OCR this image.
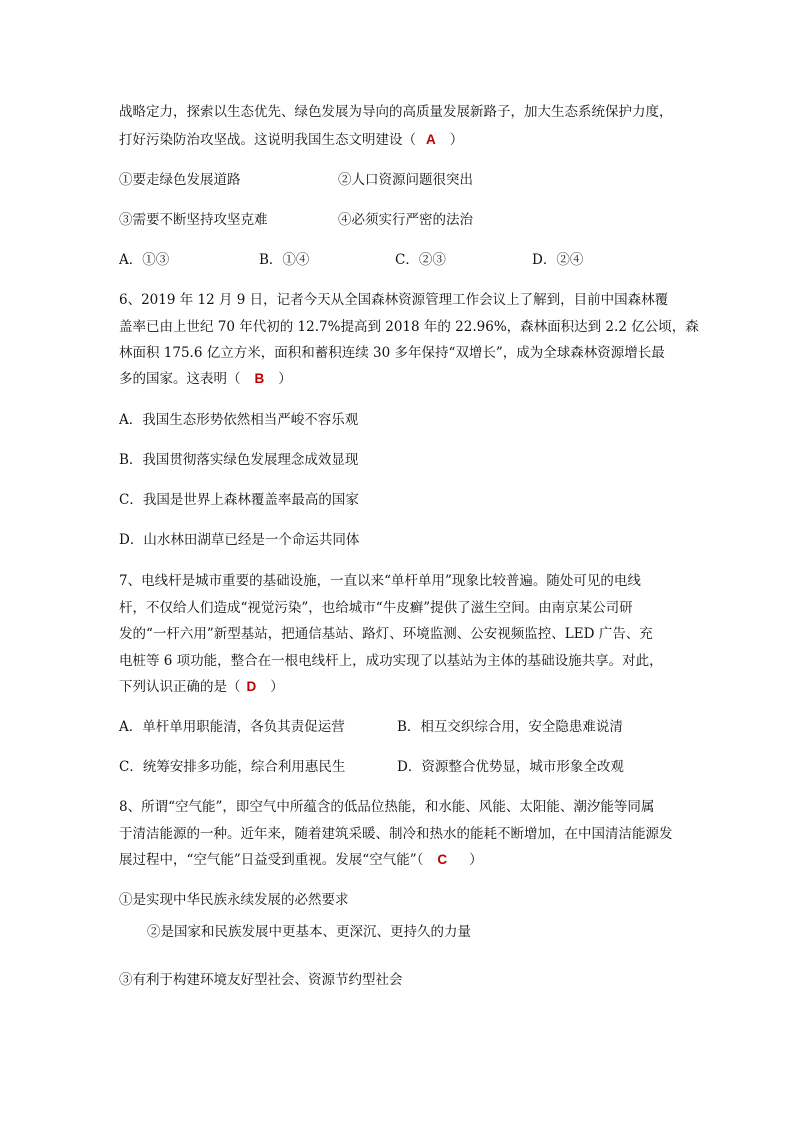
战略定力，探索以生态优先、绿色发展为导向的高质量发展新路子，加大生态系统保护力度，
打好污染防治攻坚战。这说明我国生态文明建设（ A ）
①要走绿色发展道路	②人口资源问题很突出
③需要不断坚持攻坚克难	④必须实行严密的法治
A．①③	B．①④	C．②③	D．②④
6、2019 年 12 月 9 日，记者今天从全国森林资源管理工作会议上了解到，目前中国森林覆
盖率已由上世纪 70 年代初的 12.7%提高到 2018 年的 22.96%，森林面积达到 2.2 亿公顷，森
林面积 175.6 亿立方米，面积和蓄积连续 30 多年保持“双增长”，成为全球森林资源增长最
多的国家。这表明（ B ）
A．我国生态形势依然相当严峻不容乐观
B．我国贯彻落实绿色发展理念成效显现
C．我国是世界上森林覆盖率最高的国家
D．山水林田湖草已经是一个命运共同体
7、电线杆是城市重要的基础设施，一直以来“单杆单用”现象比较普遍。随处可见的电线
杆，不仅给人们造成“视觉污染”，也给城市“牛皮癣”提供了滋生空间。由南京某公司研
发的“一杆六用”新型基站，把通信基站、路灯、环境监测、公安视频监控、LED 广告、充
电桩等 6 项功能，整合在一根电线杆上，成功实现了以基站为主体的基础设施共享。对此，
下列认识正确的是（ D ）
A．单杆单用职能清，各负其责促运营	B．相互交织综合用，安全隐患难说清
C．统筹安排多功能，综合利用惠民生	D．资源整合优势显，城市形象全改观
8、所谓“空气能”，即空气中所蕴含的低品位热能，和水能、风能、太阳能、潮汐能等同属
于清洁能源的一种。近年来，随着建筑采暖、制冷和热水的能耗不断增加，在中国清洁能源发
展过程中，“空气能”日益受到重视。发展“空气能”（ C ）
①是实现中华民族永续发展的必然要求
②是国家和民族发展中更基本、更深沉、更持久的力量
③有利于构建环境友好型社会、资源节约型社会
